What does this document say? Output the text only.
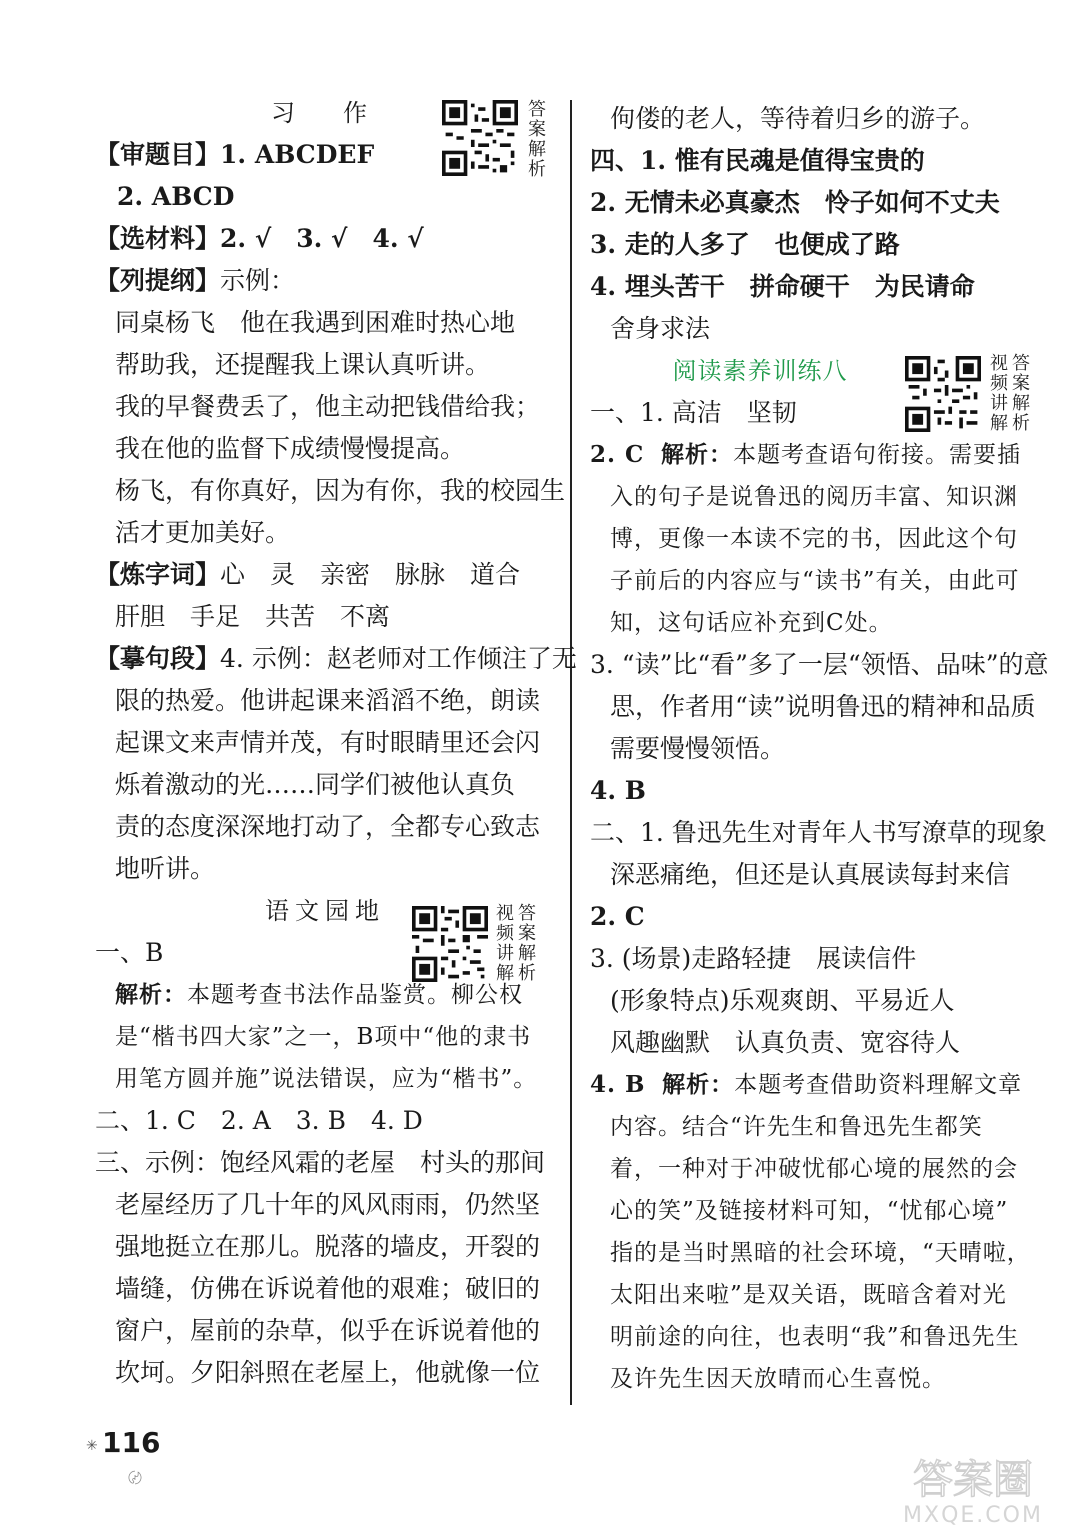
习　作
【审题目】1. ABCDEF
2. ABCD
【选材料】2. √　3. √　4. √
【列提纲】示例：
同桌杨飞　他在我遇到困难时热心地
帮助我，还提醒我上课认真听讲。
我的早餐费丢了，他主动把钱借给我；
我在他的监督下成绩慢慢提高。
杨飞，有你真好，因为有你，我的校园生
活才更加美好。
【炼字词】心　灵　亲密　脉脉　道合
肝胆　手足　共苦　不离
【摹句段】4. 示例：赵老师对工作倾注了无
限的热爱。他讲起课来滔滔不绝，朗读
起课文来声情并茂，有时眼睛里还会闪
烁着激动的光……同学们被他认真负
责的态度深深地打动了，全都专心致志
地听讲。
语文园地
一、B
解析：本题考查书法作品鉴赏。柳公权
是“楷书四大家”之一，B项中“他的隶书
用笔方圆并施”说法错误，应为“楷书”。
二、1. C　2. A　3. B　4. D
三、示例：饱经风霜的老屋　村头的那间
老屋经历了几十年的风风雨雨，仍然坚
强地挺立在那儿。脱落的墙皮，开裂的
墙缝，仿佛在诉说着他的艰难；破旧的
窗户，屋前的杂草，似乎在诉说着他的
坎坷。夕阳斜照在老屋上，他就像一位
佝偻的老人，等待着归乡的游子。
四、1. 惟有民魂是值得宝贵的
2. 无情未必真豪杰　怜子如何不丈夫
3. 走的人多了　也便成了路
4. 埋头苦干　拼命硬干　为民请命
舍身求法
阅读素养训练八
一、1. 高洁　坚韧
2. C 解析：本题考查语句衔接。需要插
入的句子是说鲁迅的阅历丰富、知识渊
博，更像一本读不完的书，因此这个句
子前后的内容应与“读书”有关，由此可
知，这句话应补充到C处。
3. “读”比“看”多了一层“领悟、品味”的意
思，作者用“读”说明鲁迅的精神和品质
需要慢慢领悟。
4. B
二、1. 鲁迅先生对青年人书写潦草的现象
深恶痛绝，但还是认真展读每封来信
2. C
3. (场景)走路轻捷　展读信件
(形象特点)乐观爽朗、平易近人
风趣幽默　认真负责、宽容待人
4. B 解析：本题考查借助资料理解文章
内容。结合“许先生和鲁迅先生都笑
着，一种对于冲破忧郁心境的展然的会
心的笑”及链接材料可知，“忧郁心境”
指的是当时黑暗的社会环境，“天晴啦，
太阳出来啦”是双关语，既暗含着对光
明前途的向往，也表明“我”和鲁迅先生
及许先生因天放晴而心生喜悦。
答
案
解
析
视
频
讲
解
答
案
解
析
视
频
讲
解
答
案
解
析
✳ 116
〄	答案圈
MXQE.COM
